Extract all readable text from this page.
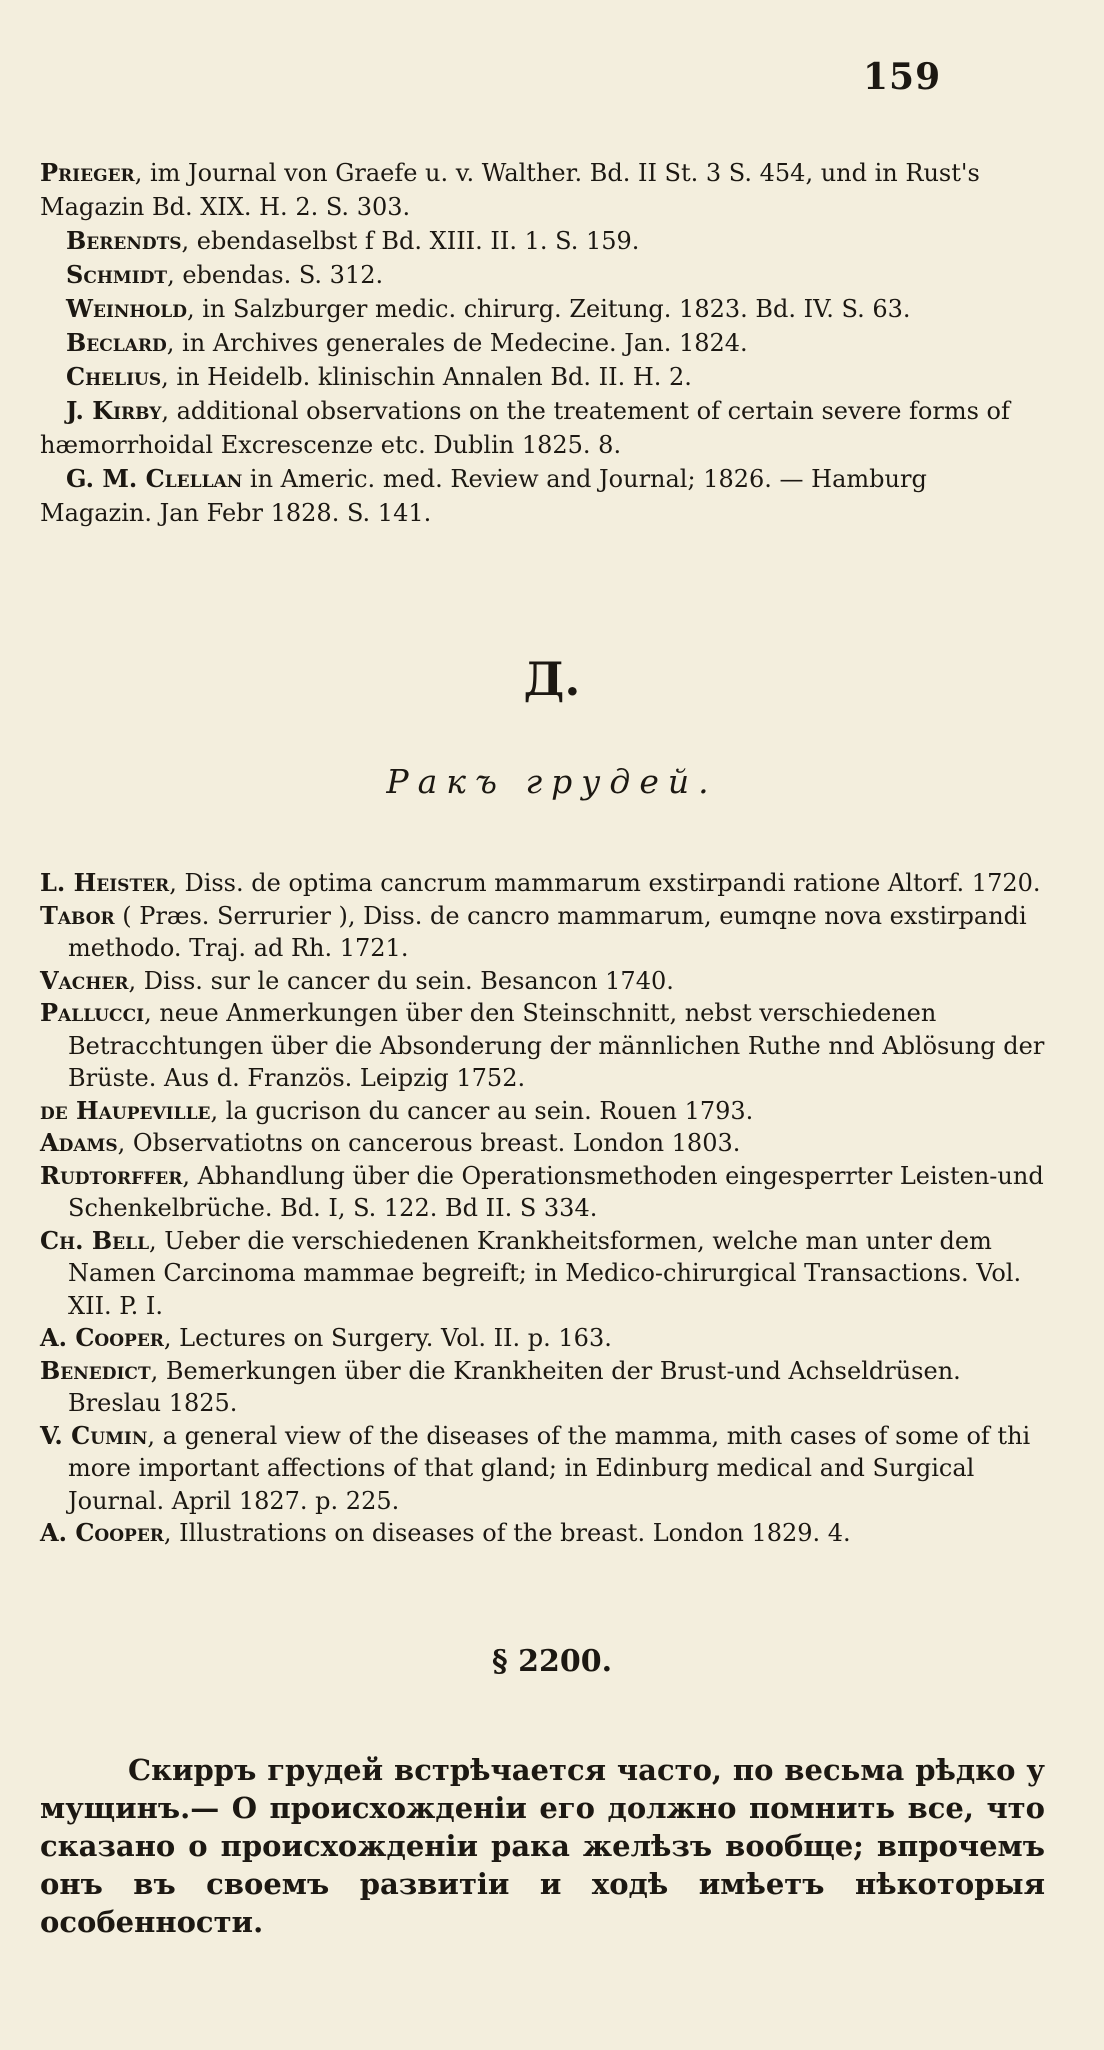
159

Prieger, im Journal von Graefe u. v. Walther. Bd. II St. 3 S. 454, und in Rust's Magazin Bd. XIX. H. 2. S. 303.

Berendts, ebendaselbst f Bd. XIII. II. 1. S. 159.

Schmidt, ebendas. S. 312.

Weinhold, in Salzburger medic. chirurg. Zeitung. 1823. Bd. IV. S. 63.

Beclard, in Archives generales de Medecine. Jan. 1824.

Chelius, in Heidelb. klinischin Annalen Bd. II. H. 2.

J. Kirby, additional observations on the treatement of certain severe forms of hæmorrhoidal Excrescenze etc. Dublin 1825. 8.

G. M. Clellan in Americ. med. Review and Journal; 1826. — Hamburg Magazin. Jan Febr 1828. S. 141.

Д.
Ракъ грудей.

L. Heister, Diss. de optima cancrum mammarum exstirpandi ratione Altorf. 1720.

Tabor ( Præs. Serrurier ), Diss. de cancro mammarum, eumqne nova exstirpandi methodo. Traj. ad Rh. 1721.

Vacher, Diss. sur le cancer du sein. Besancon 1740.

Pallucci, neue Anmerkungen über den Steinschnitt, nebst verschiedenen Betracchtungen über die Absonderung der männlichen Ruthe nnd Ablösung der Brüste. Aus d. Französ. Leipzig 1752.

de Haupeville, la gucrison du cancer au sein. Rouen 1793.

Adams, Observatiotns on cancerous breast. London 1803.

Rudtorffer, Abhandlung über die Operationsmethoden eingesperrter Leisten-und Schenkelbrüche. Bd. I, S. 122. Bd II. S 334.

Ch. Bell, Ueber die verschiedenen Krankheitsformen, welche man unter dem Namen Carcinoma mammae begreift; in Medico-chirurgical Transactions. Vol. XII. P. I.

A. Cooper, Lectures on Surgery. Vol. II. p. 163.

Benedict, Bemerkungen über die Krankheiten der Brust-und Achseldrüsen. Breslau 1825.

V. Cumin, a general view of the diseases of the mamma, mith cases of some of thi more important affections of that gland; in Edinburg medical and Surgical Journal. April 1827. p. 225.

A. Cooper, Illustrations on diseases of the breast. London 1829. 4.

§ 2200.

Скирръ грудей встрѣчается часто, по весьма рѣдко у мущинъ.— О происхожденіи его должно помнить все, что сказано о происхожденіи рака желѣзъ вообще; впрочемъ онъ въ своемъ развитіи и ходѣ имѣетъ нѣкоторыя особенности.
